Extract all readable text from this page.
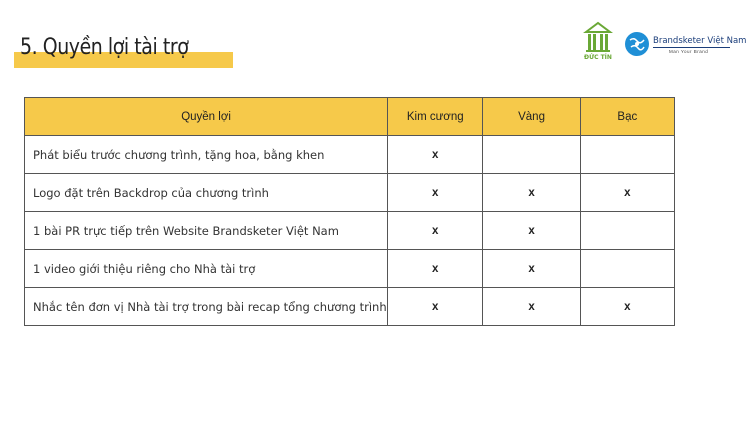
5. Quyền lợi tài trợ	ĐỨC TÍN
Brandsketer Việt Nam
Man Your Brand
Quyền lợi	Kim cương	Vàng	Bạc
Phát biểu trước chương trình, tặng hoa, bằng khen	x		
Logo đặt trên Backdrop của chương trình	x	x	x
1 bài PR trực tiếp trên Website Brandsketer Việt Nam	x	x	
1 video giới thiệu riêng cho Nhà tài trợ	x	x	
Nhắc tên đơn vị Nhà tài trợ trong bài recap tổng chương trình	x	x	x
